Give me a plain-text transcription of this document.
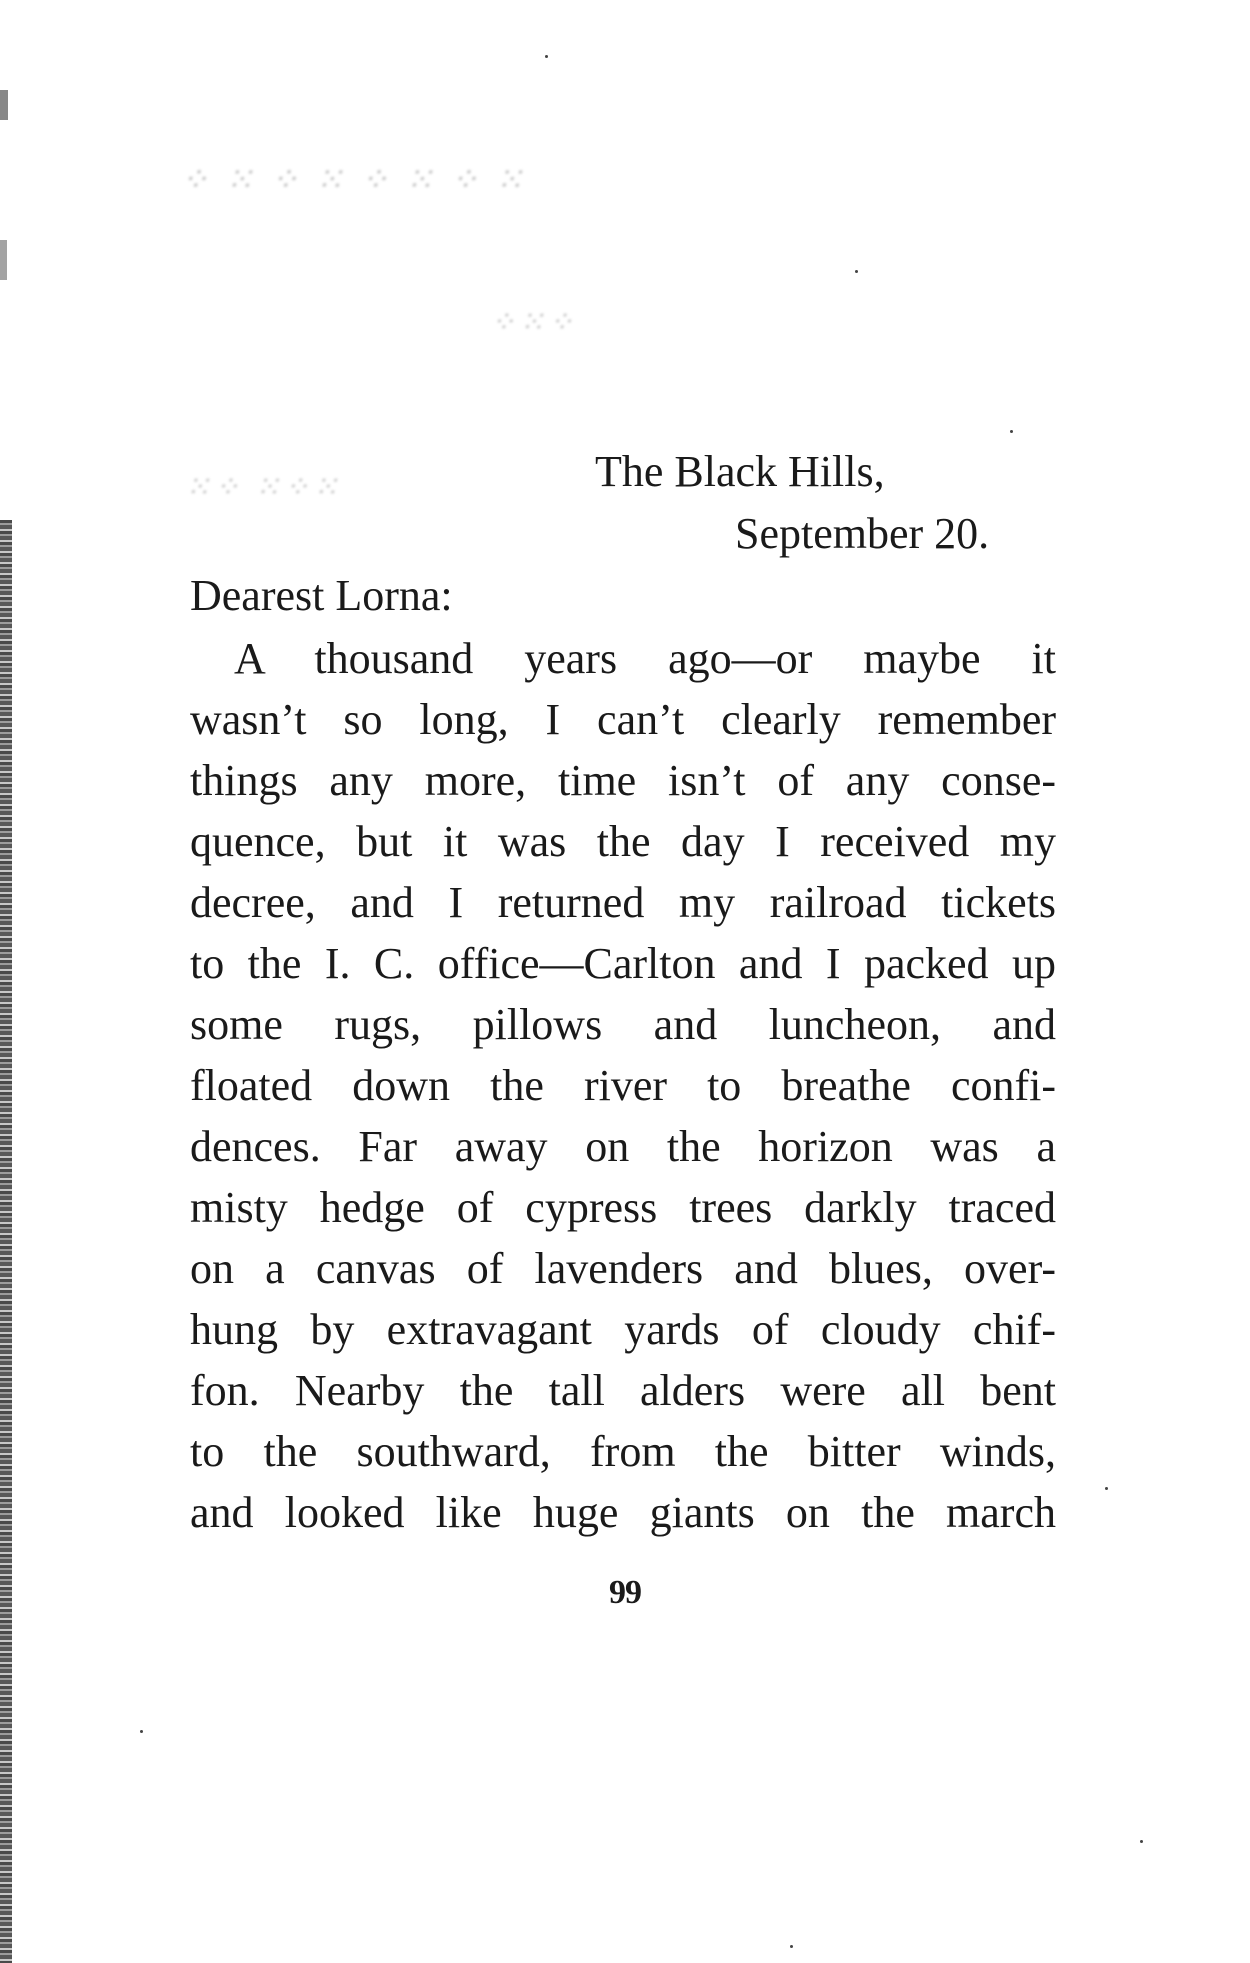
⁘ ⁙ ⁘ ⁙ ⁘ ⁙ ⁘ ⁙
⁘⁙⁘
⁙⁘ ⁙⁘⁙	The Black Hills,
September 20.
Dearest Lorna:
A thousand years ago—or maybe it
wasn’t so long, I can’t clearly remember
things any more, time isn’t of any conse-
quence, but it was the day I received my
decree, and I returned my railroad tickets
to the I. C. office—Carlton and I packed up
some rugs, pillows and luncheon, and
floated down the river to breathe confi-
dences. Far away on the horizon was a
misty hedge of cypress trees darkly traced
on a canvas of lavenders and blues, over-
hung by extravagant yards of cloudy chif-
fon. Nearby the tall alders were all bent
to the southward, from the bitter winds,
and looked like huge giants on the march
99
